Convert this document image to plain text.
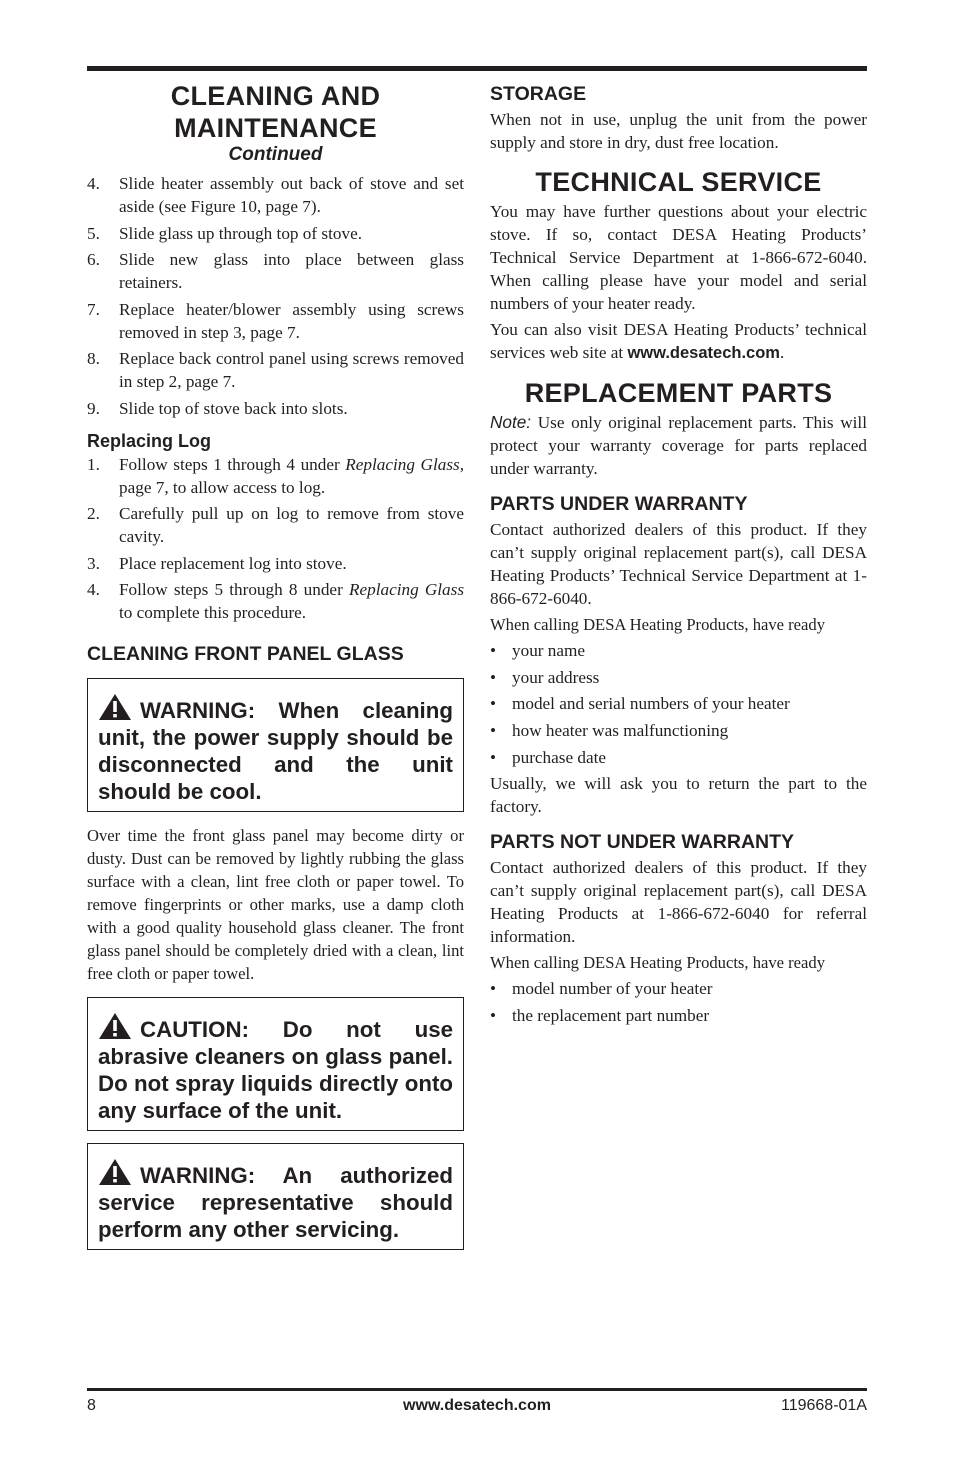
CLEANING AND
MAINTENANCE
Continued
4.	Slide heater assembly out back of stove and set aside (see Figure 10, page 7).
5.	Slide glass up through top of stove.
6.	Slide new glass into place between glass retainers.
7.	Replace heater/blower assembly using screws removed in step 3, page 7.
8.	Replace back control panel using screws removed in step 2, page 7.
9.	Slide top of stove back into slots.
Replacing Log
1.	Follow steps 1 through 4 under Replacing Glass, page 7, to allow access to log.
2.	Carefully pull up on log to remove from stove cavity.
3.	Place replacement log into stove.
4.	Follow steps 5 through 8 under Replacing Glass to complete this procedure.
CLEANING FRONT PANEL GLASS
WARNING: When cleaning unit, the power supply should be disconnected and the unit should be cool.

Over time the front glass panel may become dirty or dusty. Dust can be removed by lightly rubbing the glass surface with a clean, lint free cloth or paper towel. To remove fingerprints or other marks, use a damp cloth with a good quality household glass cleaner. The front glass panel should be completely dried with a clean, lint free cloth or paper towel.

CAUTION: Do not use abrasive cleaners on glass panel. Do not spray liquids directly onto any surface of the unit.
WARNING: An authorized service representative should perform any other servicing.
STORAGE

When not in use, unplug the unit from the power supply and store in dry, dust free location.

TECHNICAL SERVICE

You may have further questions about your electric stove. If so, contact DESA Heating Products’ Technical Service Department at 1-866-672-6040. When calling please have your model and serial numbers of your heater ready.

You can also visit DESA Heating Products’ technical services web site at www.desatech.com.

REPLACEMENT PARTS

Note: Use only original replacement parts. This will protect your warranty coverage for parts replaced under warranty.

PARTS UNDER WARRANTY

Contact authorized dealers of this product. If they can’t supply original replacement part(s), call DESA Heating Products’ Technical Service Department at 1-866-672-6040.

When calling DESA Heating Products, have ready

• your name
• your address
• model and serial numbers of your heater
• how heater was malfunctioning
• purchase date

Usually, we will ask you to return the part to the factory.

PARTS NOT UNDER WARRANTY

Contact authorized dealers of this product. If they can’t supply original replacement part(s), call DESA Heating Products at 1-866-672-6040 for referral information.

When calling DESA Heating Products, have ready

• model number of your heater
• the replacement part number
8	www.desatech.com	119668-01A
